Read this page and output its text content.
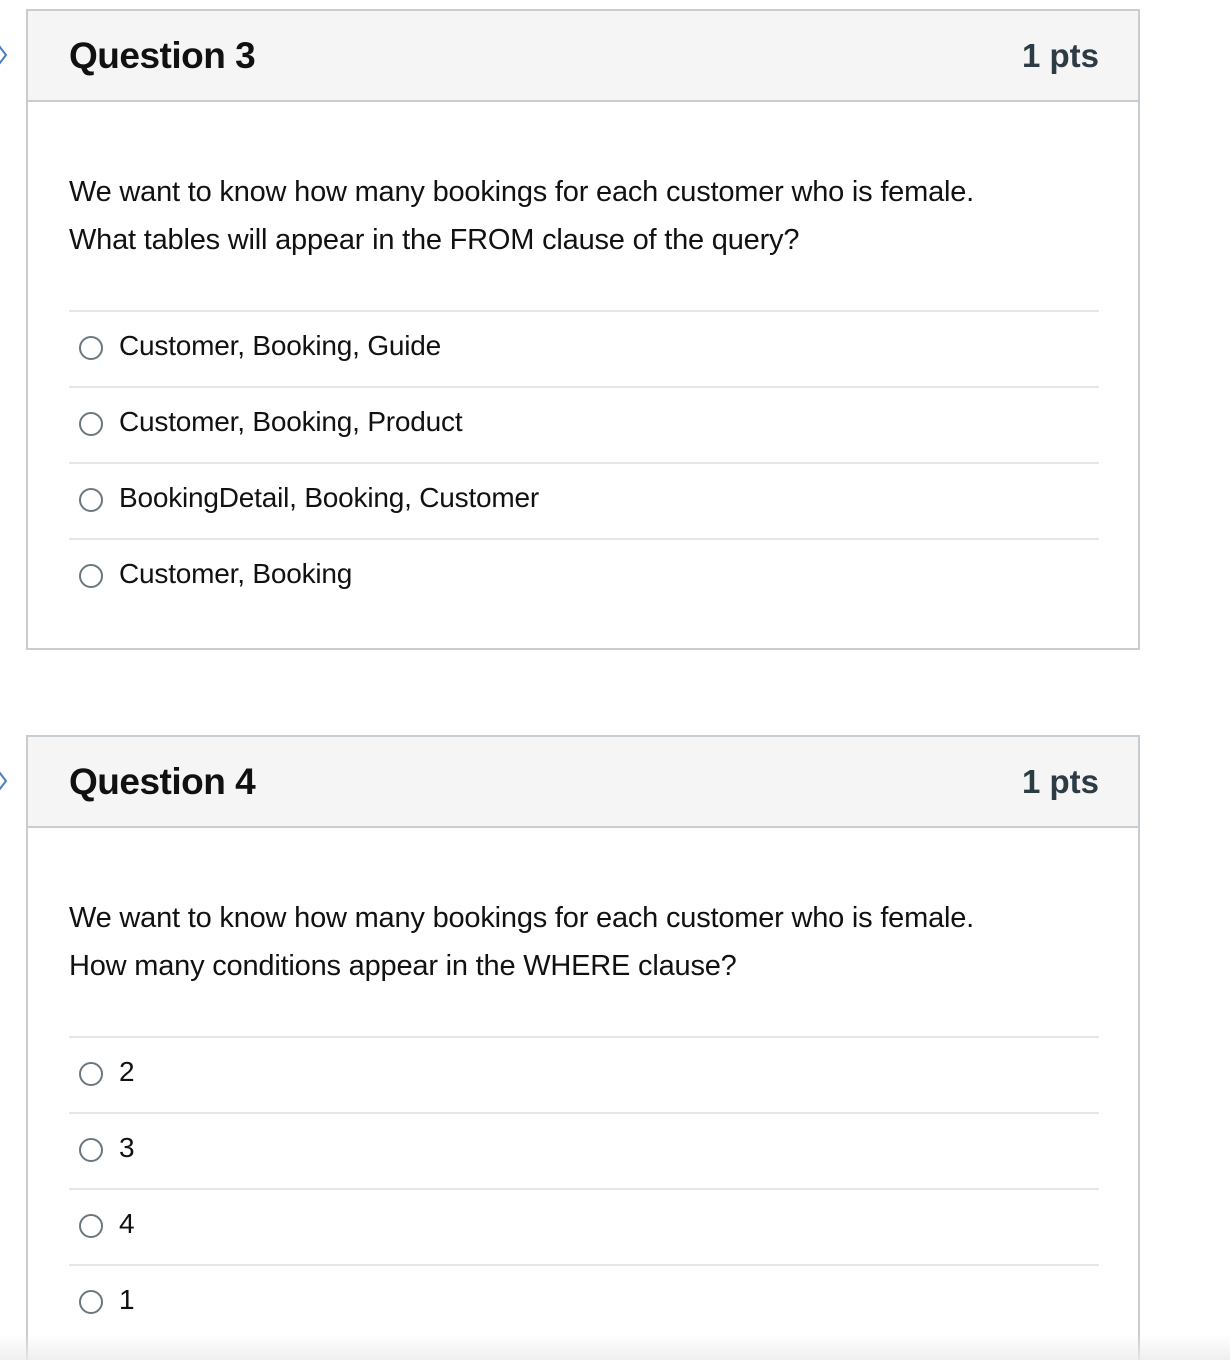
Question 3	1 pts
We want to know how many bookings for each customer who is female.
What tables will appear in the FROM clause of the query?
Customer, Booking, Guide
Customer, Booking, Product
BookingDetail, Booking, Customer
Customer, Booking
Question 4	1 pts
We want to know how many bookings for each customer who is female.
How many conditions appear in the WHERE clause?
2
3
4
1
